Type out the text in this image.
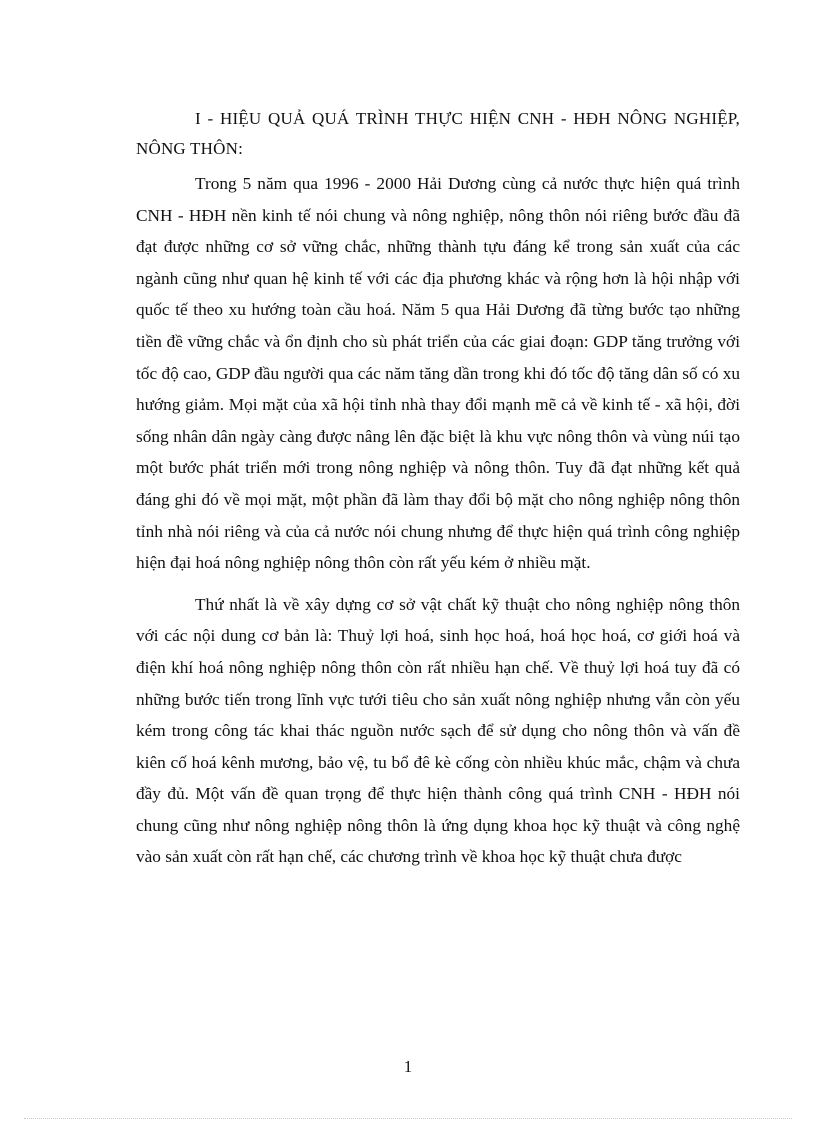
I - HIỆU QUẢ QUÁ TRÌNH THỰC HIỆN CNH - HĐH NÔNG NGHIỆP, NÔNG THÔN:

Trong 5 năm qua 1996 - 2000 Hải Dương cùng cả nước thực hiện quá trình CNH - HĐH nền kinh tế nói chung và nông nghiệp, nông thôn nói riêng bước đầu đã đạt được những cơ sở vững chắc, những thành tựu đáng kể trong sản xuất của các ngành cũng như quan hệ kinh tế với các địa phương khác và rộng hơn là hội nhập với quốc tế theo xu hướng toàn cầu hoá. Năm 5 qua Hải Dương đã từng bước tạo những tiền đề vững chắc và ổn định cho sù phát triển của các giai đoạn: GDP tăng trưởng với tốc độ cao, GDP đầu người qua các năm tăng dần trong khi đó tốc độ tăng dân số có xu hướng giảm. Mọi mặt của xã hội tỉnh nhà thay đổi mạnh mẽ cả về kinh tế - xã hội, đời sống nhân dân ngày càng được nâng lên đặc biệt là khu vực nông thôn và vùng núi tạo một bước phát triển mới trong nông nghiệp và nông thôn. Tuy đã đạt những kết quả đáng ghi đó về mọi mặt, một phần đã làm thay đổi bộ mặt cho nông nghiệp nông thôn tỉnh nhà nói riêng và của cả nước nói chung nhưng để thực hiện quá trình công nghiệp hiện đại hoá nông nghiệp nông thôn còn rất yếu kém ở nhiều mặt.

Thứ nhất là về xây dựng cơ sở vật chất kỹ thuật cho nông nghiệp nông thôn với các nội dung cơ bản là: Thuỷ lợi hoá, sinh học hoá, hoá học hoá, cơ giới hoá và điện khí hoá nông nghiệp nông thôn còn rất nhiều hạn chế. Về thuỷ lợi hoá tuy đã có những bước tiến trong lĩnh vực tưới tiêu cho sản xuất nông nghiệp nhưng vẫn còn yếu kém trong công tác khai thác nguồn nước sạch để sử dụng cho nông thôn và vấn đề kiên cố hoá kênh mương, bảo vệ, tu bổ đê kè cống còn nhiều khúc mắc, chậm và chưa đầy đủ. Một vấn đề quan trọng để thực hiện thành công quá trình CNH - HĐH nói chung cũng như nông nghiệp nông thôn là ứng dụng khoa học kỹ thuật và công nghệ vào sản xuất còn rất hạn chế, các chương trình về khoa học kỹ thuật chưa được

1
